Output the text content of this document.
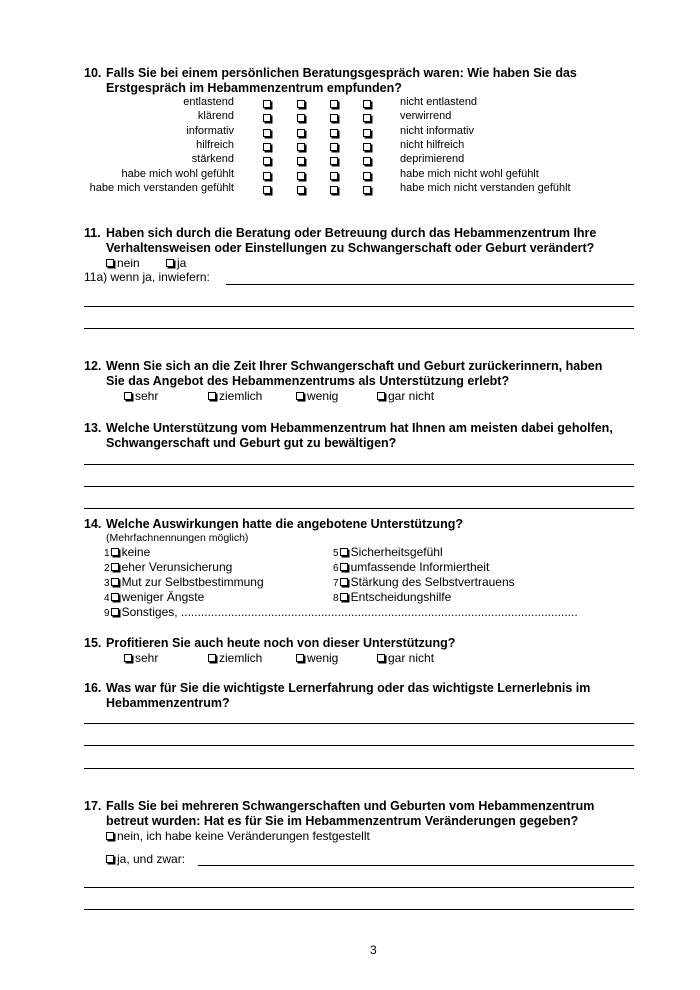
10. Falls Sie bei einem persönlichen Beratungsgespräch waren: Wie haben Sie das
Erstgespräch im Hebammenzentrum empfunden?
entlastend	nicht entlastend
klärend	verwirrend
informativ	nicht informativ
hilfreich	nicht hilfreich
stärkend	deprimierend
habe mich wohl gefühlt	habe mich nicht wohl gefühlt
habe mich verstanden gefühlt	habe mich nicht verstanden gefühlt
11. Haben sich durch die Beratung oder Betreuung durch das Hebammenzentrum Ihre
Verhaltensweisen oder Einstellungen zu Schwangerschaft oder Geburt verändert?
nein	ja
11a) wenn ja, inwiefern:
12. Wenn Sie sich an die Zeit Ihrer Schwangerschaft und Geburt zurückerinnern, haben
Sie das Angebot des Hebammenzentrums als Unterstützung erlebt?
sehr	ziemlich	wenig	gar nicht
13. Welche Unterstützung vom Hebammenzentrum hat Ihnen am meisten dabei geholfen,
Schwangerschaft und Geburt gut zu bewältigen?
14. Welche Auswirkungen hatte die angebotene Unterstützung?
(Mehrfachnennungen möglich)
1 keine
2 eher Verunsicherung
3 Mut zur Selbstbestimmung
4 weniger Ängste
5 Sicherheitsgefühl
6 umfassende Informiertheit
7 Stärkung des Selbstvertrauens
8 Entscheidungshilfe
9 Sonstiges, .......................................................................................................................
15. Profitieren Sie auch heute noch von dieser Unterstützung?
sehr	ziemlich	wenig	gar nicht
16. Was war für Sie die wichtigste Lernerfahrung oder das wichtigste Lernerlebnis im
Hebammenzentrum?
17. Falls Sie bei mehreren Schwangerschaften und Geburten vom Hebammenzentrum
betreut wurden: Hat es für Sie im Hebammenzentrum Veränderungen gegeben?
nein, ich habe keine Veränderungen festgestellt
ja, und zwar:
3
